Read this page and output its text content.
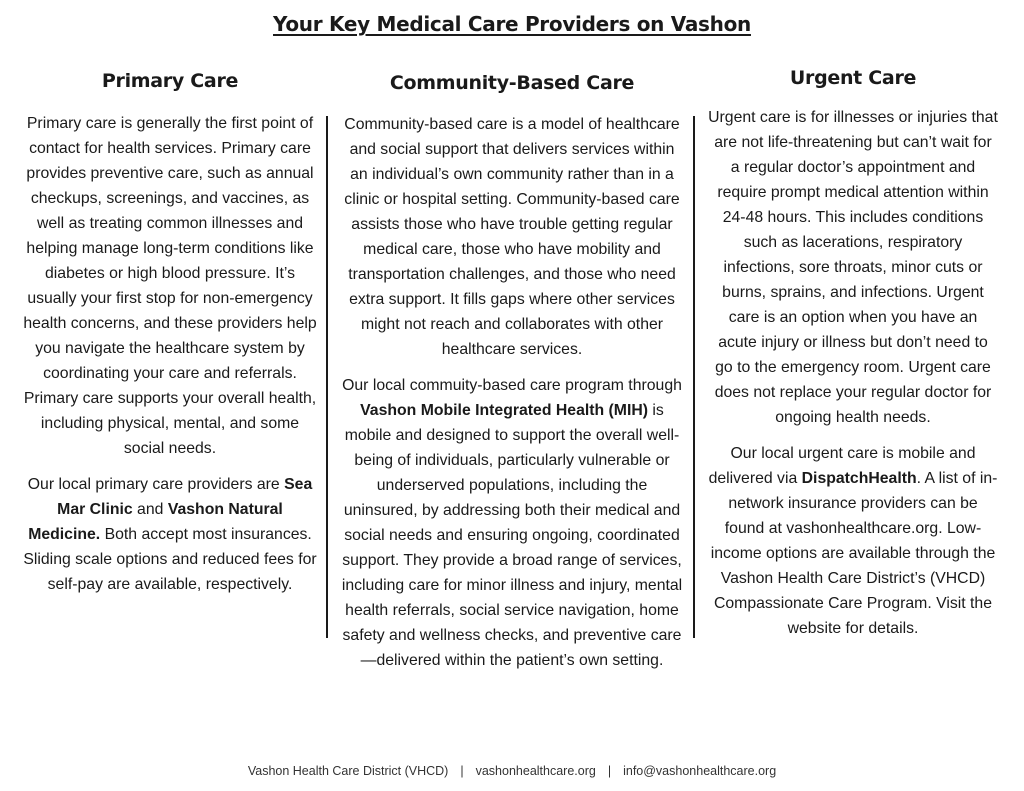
Your Key Medical Care Providers on Vashon
Primary Care

Primary care is generally the first point of contact for health services. Primary care provides preventive care, such as annual checkups, screenings, and vaccines, as well as treating common illnesses and helping manage long-term conditions like diabetes or high blood pressure. It’s usually your first stop for non-emergency health concerns, and these providers help you navigate the healthcare system by coordinating your care and referrals. Primary care supports your overall health, including physical, mental, and some social needs.

Our local primary care providers are Sea Mar Clinic and Vashon Natural Medicine. Both accept most insurances. Sliding scale options and reduced fees for self-pay are available, respectively.

Community-Based Care

Community-based care is a model of healthcare and social support that delivers services within an individual’s own community rather than in a clinic or hospital setting. Community-based care assists those who have trouble getting regular medical care, those who have mobility and transportation challenges, and those who need extra support. It fills gaps where other services might not reach and collaborates with other healthcare services.

Our local commuity-based care program through Vashon Mobile Integrated Health (MIH) is mobile and designed to support the overall well-being of individuals, particularly vulnerable or underserved populations, including the uninsured, by addressing both their medical and social needs and ensuring ongoing, coordinated support. They provide a broad range of services, including care for minor illness and injury, mental health referrals, social service navigation, home safety and wellness checks, and preventive care—delivered within the patient’s own setting.

Urgent Care

Urgent care is for illnesses or injuries that are not life-threatening but can’t wait for a regular doctor’s appointment and require prompt medical attention within 24-48 hours. This includes conditions such as lacerations, respiratory infections, sore throats, minor cuts or burns, sprains, and infections. Urgent care is an option when you have an acute injury or illness but don’t need to go to the emergency room. Urgent care does not replace your regular doctor for ongoing health needs.

Our local urgent care is mobile and delivered via DispatchHealth. A list of in-network insurance providers can be found at vashonhealthcare.org. Low-income options are available through the Vashon Health Care District’s (VHCD) Compassionate Care Program. Visit the website for details.

Vashon Health Care District (VHCD) | vashonhealthcare.org | info@vashonhealthcare.org
